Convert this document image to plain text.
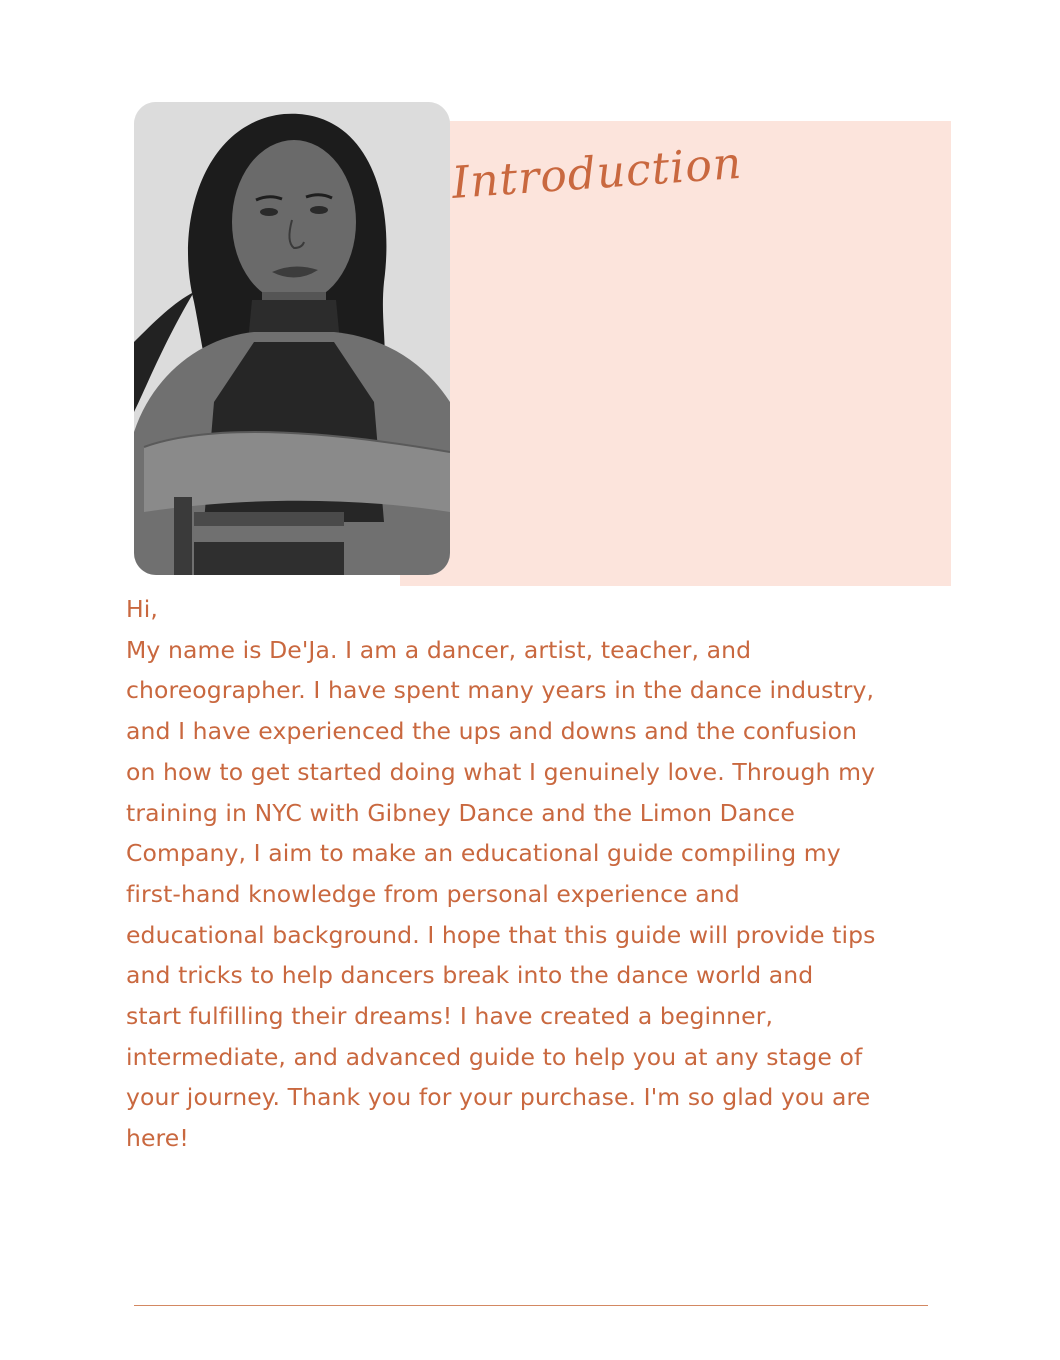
Introduction

Hi,

My name is De'Ja. I am a dancer, artist, teacher, and
choreographer. I have spent many years in the dance industry,
and I have experienced the ups and downs and the confusion
on how to get started doing what I genuinely love. Through my
training in NYC with Gibney Dance and the Limon Dance
Company, I aim to make an educational guide compiling my
first-hand knowledge from personal experience and
educational background. I hope that this guide will provide tips
and tricks to help dancers break into the dance world and
start fulfilling their dreams! I have created a beginner,
intermediate, and advanced guide to help you at any stage of
your journey. Thank you for your purchase. I'm so glad you are
here!
